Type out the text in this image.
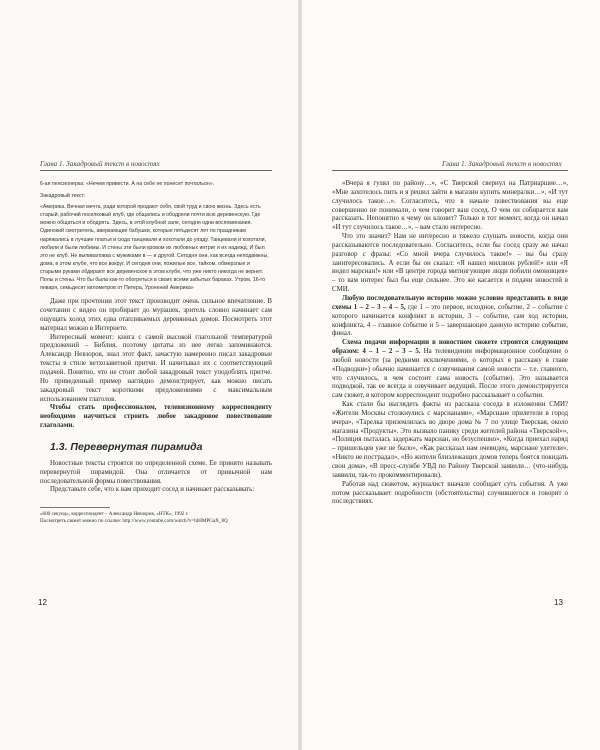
Глава 1. Закадровый текст в новостях

6-ая пенсионерка: «Нечем привести. А на себе не понесет почтальон».

Закадровый текст:

«Америка. Вечная мечта, ради которой продают себя, свой труд и свою жизнь. Здесь есть старый, рабочий поселковый клуб, где общались и ободряли почти всю деревенскую. Где можно общаться и ободрять. Здесь, в этой клубной зале, сегодня одни воспоминания. Одинокий смотритель, аверкающие бабушки, которые пятьдесят лет по праздникам наряжались в лучшие платья и сюда танцевали и хохотали до упаду. Танцевали и хохотали, любили и были любимы. И стены эти были кровом их любовных интриг и их надежд. И был это не клуб. Не выпиваловка с мужиками в — и другой. Сегодня они, как всегда неподвижны, дома, в этом клубе, что все вокруг. И сегодня они, пожилые все, тайком, обмерзлые и старыми руками обдирают все деревенское в этом клубе, что уже никто никогда не вернет. Полы и стены. Что бы была как-то обогреться в своих всеми забытых бараках. Утром, 16-го января, семьдесят километров от Питера, Уроненей Америка»

Даже при прочтении этот текст производит очень сильное впечатление. В сочетании с видео он пробирает до мурашек, зритель словно начинает сам ощущать холод этих едва отапливаемых деревянных домов. Посмотреть этот материал можно в Интернете.

Интересный момент: книга с самой высокой глагольной температурой предложений – Библия, поэтому цитаты из нее легко запоминаются. Александр Невзоров, знал этот факт, зачастую намеренно писал закадровые тексты в стиле ветхозаветной притчи. И начитывал их с соответствующей подачей. Понятно, что не стоит любой закадровый текст уподоблять притче. Но приведенный пример наглядно демонстрирует, как можно писать закадровый текст короткими предложениями с максимальным использованием глаголов.

Чтобы стать профессионалом, телевизионному корреспонденту необходимо научиться строить любое закадровое повествование глаголами.

1.3. Перевернутая пирамида

Новостные тексты строятся по определенной схеме. Ее принято называть перевернутой пирамидой. Она отличается от привычной нам последовательной формы повествования.

Представьте себе, что к вам приходит сосед и начинает рассказывать:

«600 секунд», корреспондент – Александр Невзоров, «НТК», 1992 г.

Посмотреть сюжет можно по ссылке: http://www.youtube.com/watch?v=hb8MPGaX_8Q

12
Глава 1. Закадровый текст в новостях

«Вчера я гулял по району…», «С Тверской свернул на Патриаршие…», «Мне захотелось пить и я решил зайти в магазин купить минералки…», «И тут случилось такое…». Согласитесь, что в начале повествования вы еще совершенно не понимали, о чем говорит ваш сосед. О чем он собирается вам рассказать. Непонятно к чему он клонит? Только в тот момент, когда он начал «И тут случилось такое…», – вам стало интересно.

Что это значит? Нам не интересно и тяжело слушать новости, когда они рассказываются последовательно. Согласитесь, если бы сосед сразу же начал разговор с фразы: «Со мной вчера случилось такое!» – вы бы сразу заинтересовались. А если бы он сказал: «Я нашел миллион рублей!» или «Я видел марсиан!» или «В центре города митингующие люди побили омоновцев» – то вам интерес был бы еще сильнее. Это же касается и подачи новостей в СМИ.

Любую последовательную историю можно условно представить в виде схемы 1 – 2 – 3 – 4 – 5, где 1 – это первое, исходное, событие, 2 – событие с которого начинается конфликт в истории, 3 – событие, сам ход истории, конфликта, 4 – главное событие и 5 – завершающее данную историю событие, финал.

Схема подачи информации в новостном сюжете строится следующим образом: 4 – 1 – 2 – 3 – 5. На телевидении информационное сообщение о любой новости (за редкими исключениями, о которых я расскажу в главе «Подводки») обычно начинается с озвучивания самой новости – т.е. главного, что случилось, в чем состоит сама новость (событие). Это называется подводкой, так ее всегда и озвучивает ведущий. После этого демонстрируется сам сюжет, в котором корреспондент подробно рассказывает о событии.

Как стали бы выглядеть факты из рассказа соседа в изложении СМИ? «Жители Москвы столкнулись с марсианами», «Марсиане прилетели в город вчера», «Тарелка приземлилась во дворе дома № 7 по улице Тверская, около магазина «Продукты». Это вызвало панику среди жителей района «Тверской»», «Полиция пыталась задержать марсиан, но безуспешно», «Когда приехал наряд – пришельцев уже не было», «Как рассказал нам очевидец, марсиане улетели», «Никто не пострадал», «Но жители близлежащих домов теперь боятся покидать свои дома», «В пресс-службе УВД по Району Тверской заявили… (что-нибудь заявили, так-то прокомментировали).

Работая над сюжетом, журналист вначале сообщает суть события. А уже потом рассказывает подробности (обстоятельства) случившегося и говорит о последствиях.

13
